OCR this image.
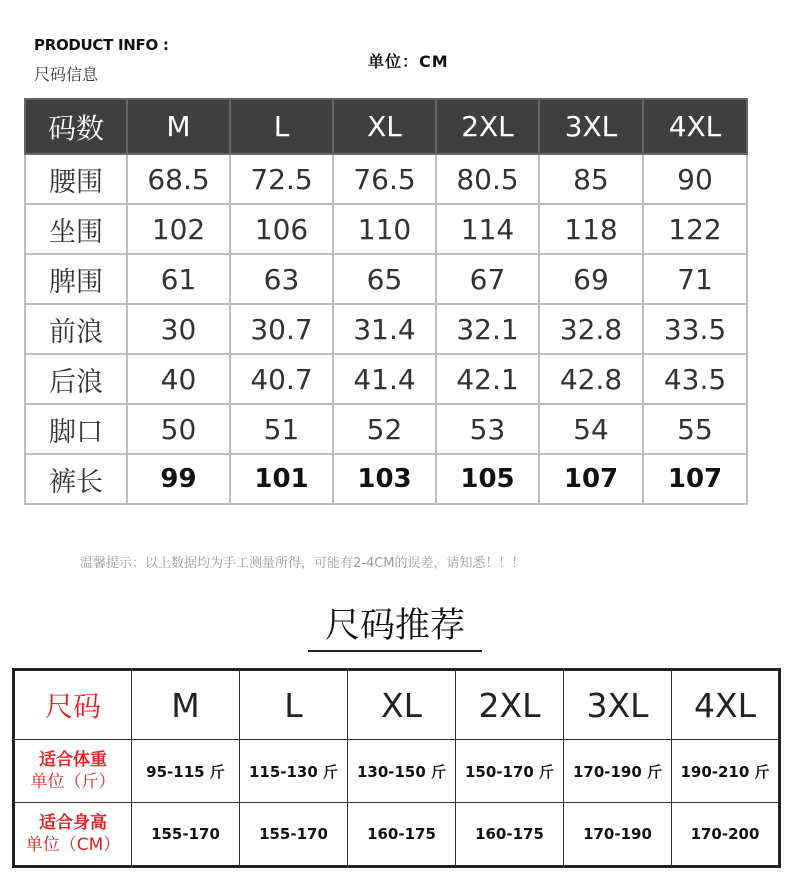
PRODUCT INFO :
尺码信息
单位：CM
码数	M	L	XL	2XL	3XL	4XL
腰围	68.5	72.5	76.5	80.5	85	90
坐围	102	106	110	114	118	122
脾围	61	63	65	67	69	71
前浪	30	30.7	31.4	32.1	32.8	33.5
后浪	40	40.7	41.4	42.1	42.8	43.5
脚口	50	51	52	53	54	55
裤长	99	101	103	105	107	107
温馨提示：以上数据均为手工测量所得，可能有2-4CM的误差，请知悉！！！
尺码推荐
尺码	M	L	XL	2XL	3XL	4XL

适合体重
单位（斤）	95-115 斤	115-130 斤	130-150 斤	150-170 斤	170-190 斤	190-210 斤

适合身高
单位（CM）	155-170	155-170	160-175	160-175	170-190	170-200
